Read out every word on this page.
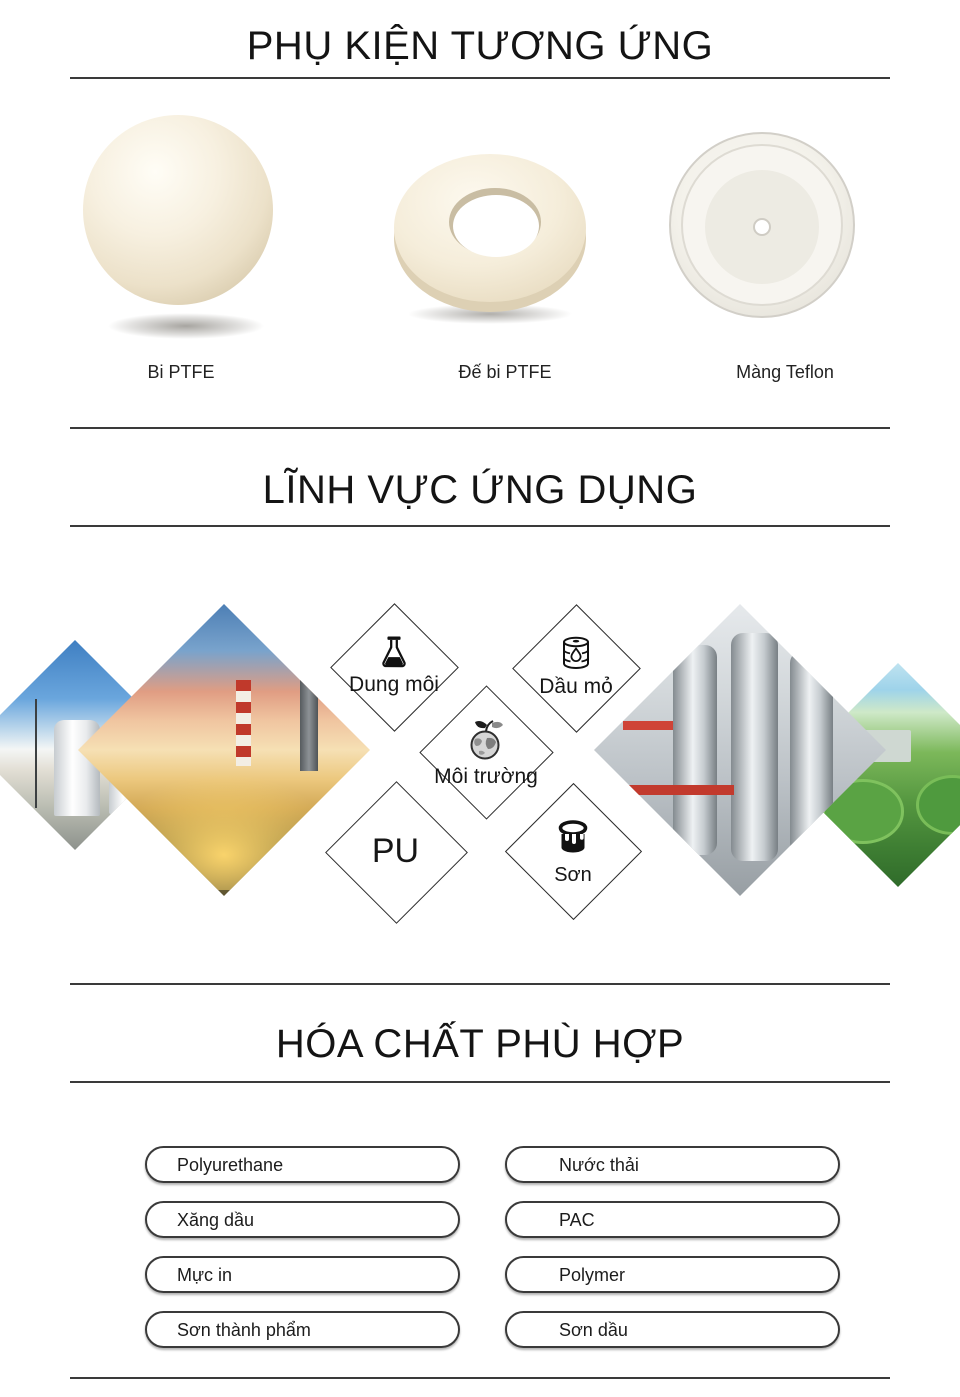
PHỤ KIỆN TƯƠNG ỨNG
Bi PTFE	Đế bi PTFE	Màng Teflon
LĨNH VỰC ỨNG DỤNG
Dung môi	Dầu mỏ
Môi trường
PU
Sơn
HÓA CHẤT PHÙ HỢP
Polyurethane
Xăng dầu
Mực in
Sơn thành phẩm
Nước thải
PAC
Polymer
Sơn dầu
